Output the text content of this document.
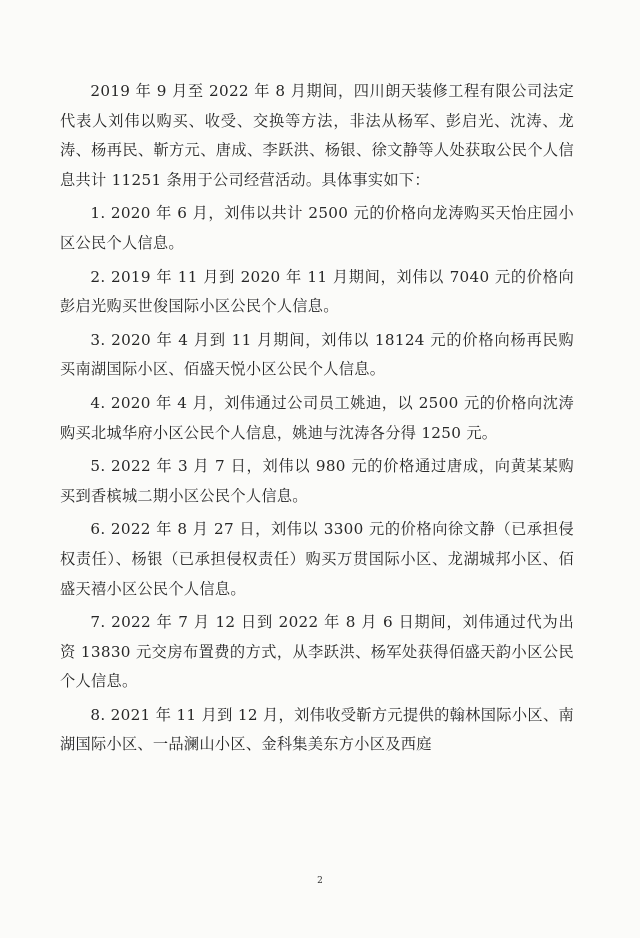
2019 年 9 月至 2022 年 8 月期间，四川朗天装修工程有限公司法定代表人刘伟以购买、收受、交换等方法，非法从杨军、彭启光、沈涛、龙涛、杨再民、靳方元、唐成、李跃洪、杨银、徐文静等人处获取公民个人信息共计 11251 条用于公司经营活动。具体事实如下：

1. 2020 年 6 月，刘伟以共计 2500 元的价格向龙涛购买天怡庄园小区公民个人信息。

2. 2019 年 11 月到 2020 年 11 月期间，刘伟以 7040 元的价格向彭启光购买世俊国际小区公民个人信息。

3. 2020 年 4 月到 11 月期间，刘伟以 18124 元的价格向杨再民购买南湖国际小区、佰盛天悦小区公民个人信息。

4. 2020 年 4 月，刘伟通过公司员工姚迪，以 2500 元的价格向沈涛购买北城华府小区公民个人信息，姚迪与沈涛各分得 1250 元。

5. 2022 年 3 月 7 日，刘伟以 980 元的价格通过唐成，向黄某某购买到香槟城二期小区公民个人信息。

6. 2022 年 8 月 27 日，刘伟以 3300 元的价格向徐文静（已承担侵权责任）、杨银（已承担侵权责任）购买万贯国际小区、龙湖城邦小区、佰盛天禧小区公民个人信息。

7. 2022 年 7 月 12 日到 2022 年 8 月 6 日期间，刘伟通过代为出资 13830 元交房布置费的方式，从李跃洪、杨军处获得佰盛天韵小区公民个人信息。

8. 2021 年 11 月到 12 月，刘伟收受靳方元提供的翰林国际小区、南湖国际小区、一品澜山小区、金科集美东方小区及西庭

2
